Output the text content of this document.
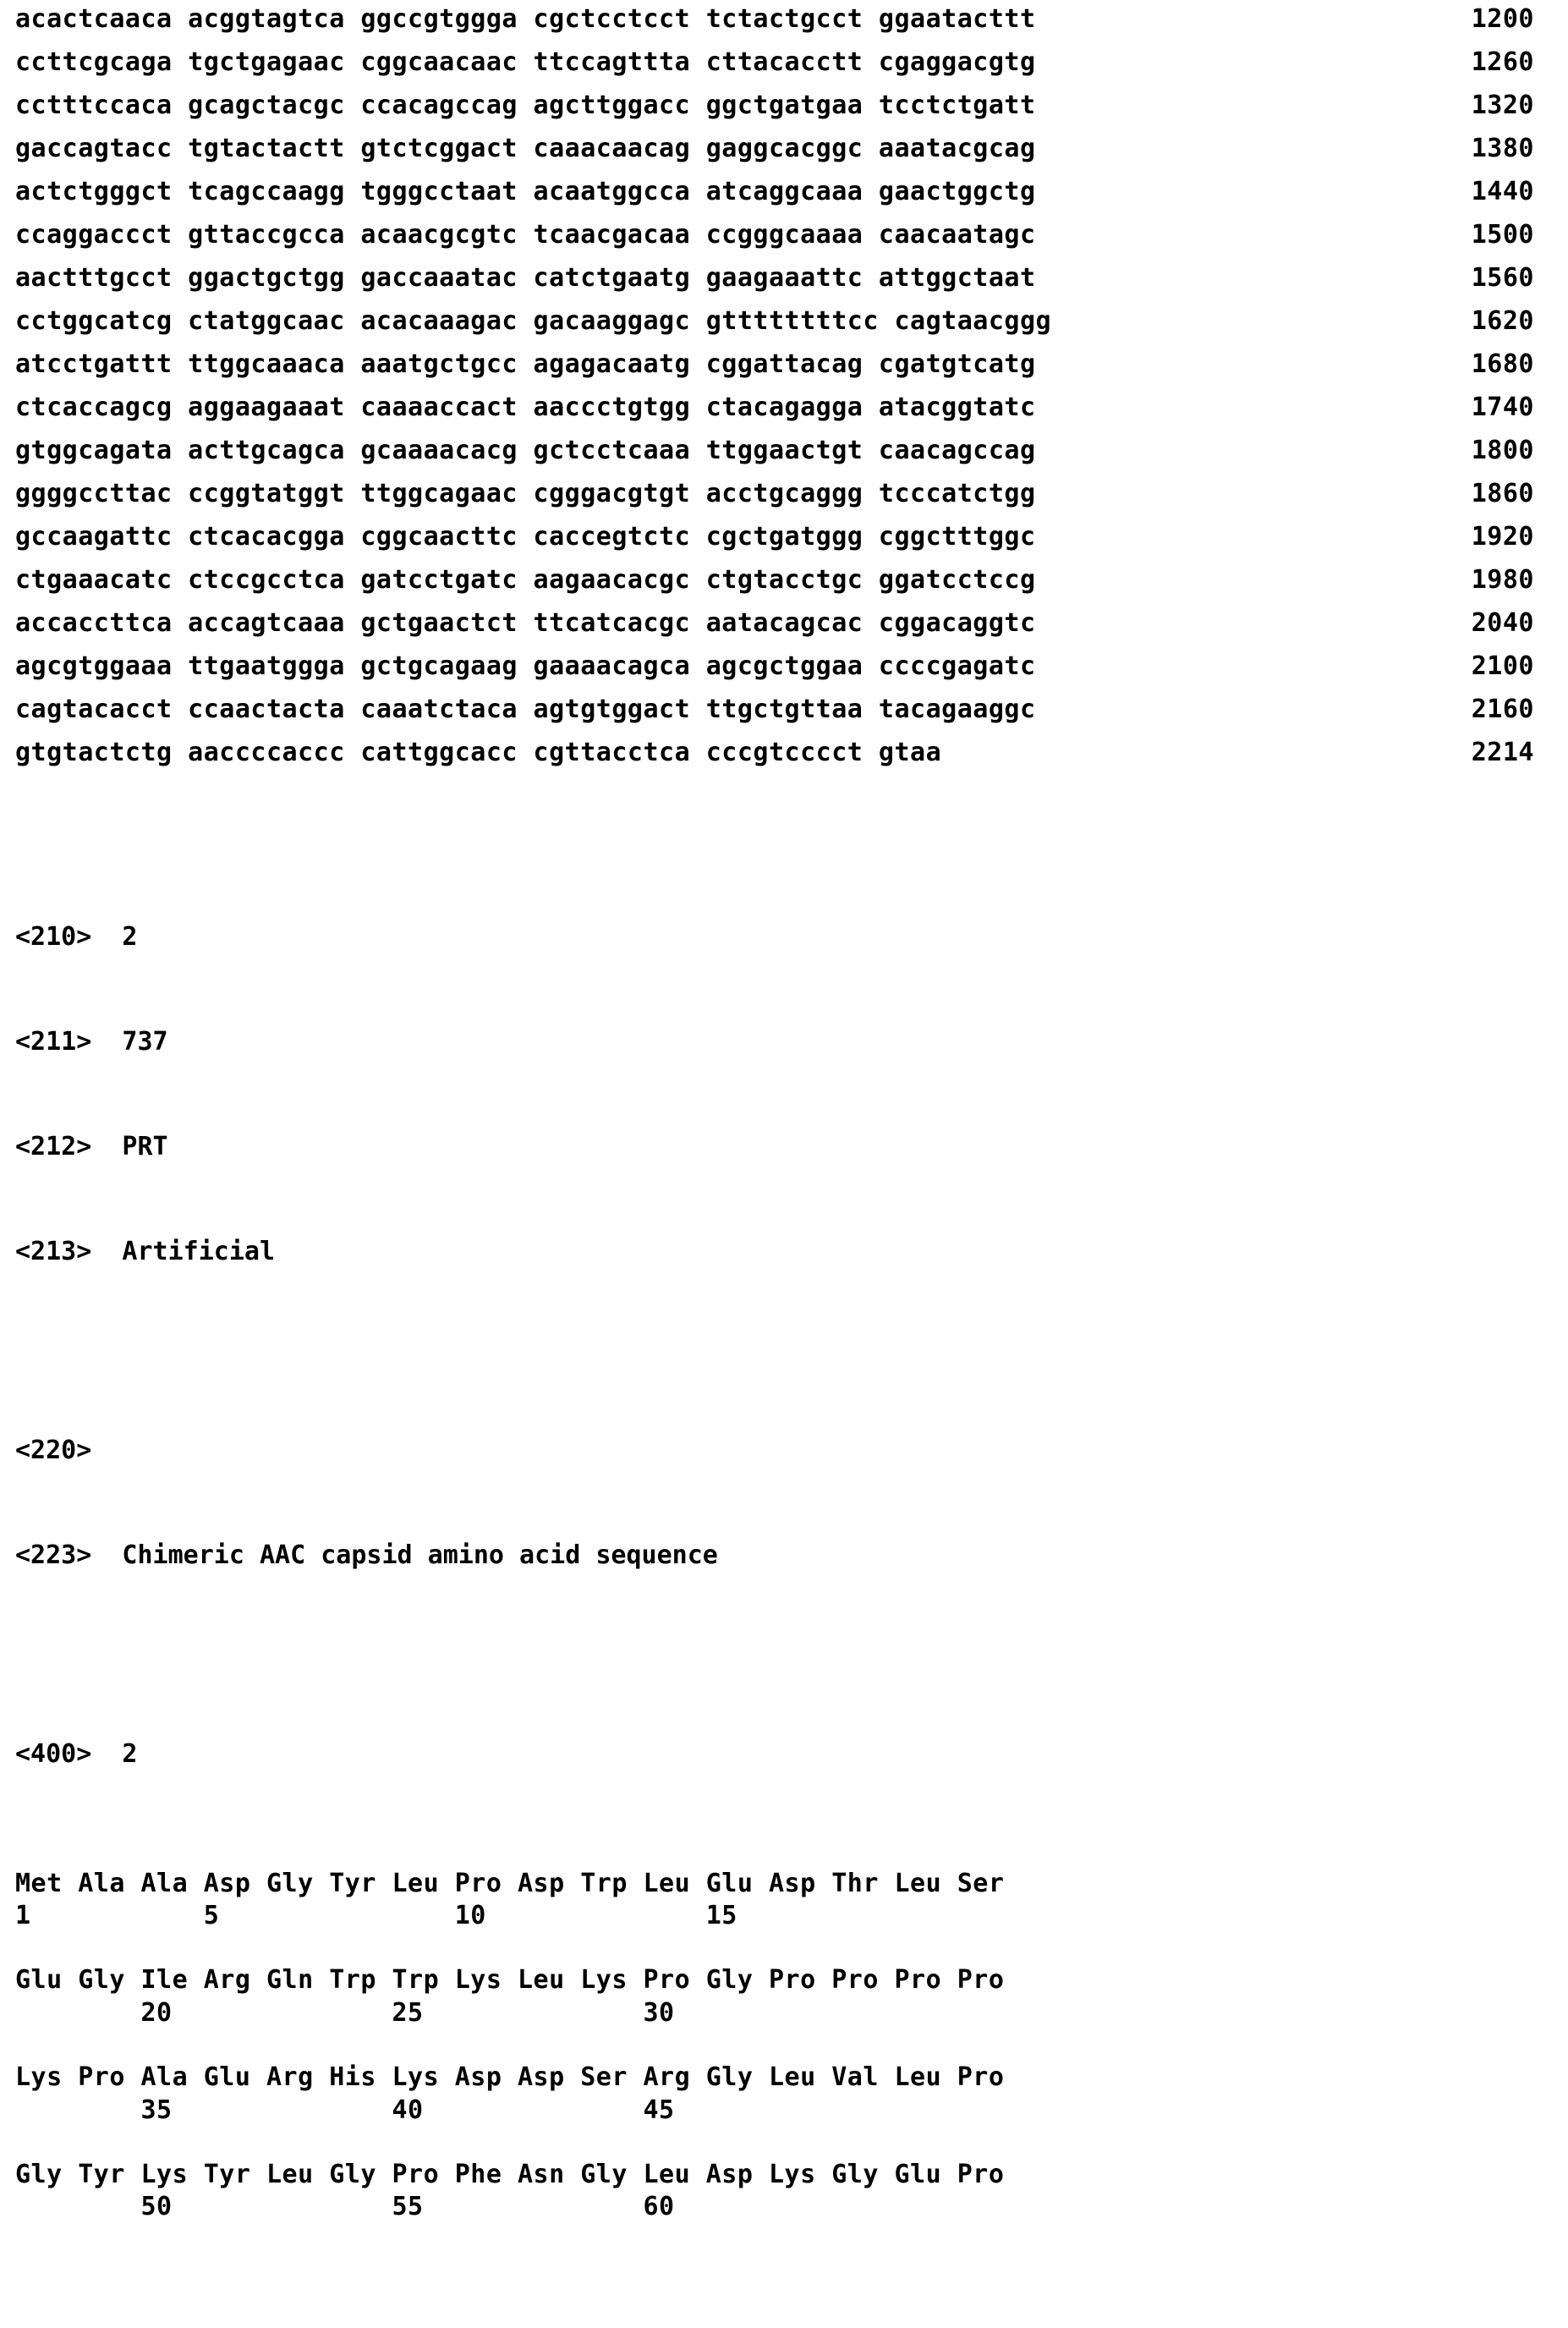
acactcaaca acggtagtca ggccgtggga cgctcctcct tctactgcct ggaatacttt	1200
ccttcgcaga tgctgagaac cggcaacaac ttccagttta cttacacctt cgaggacgtg	1260
cctttccaca gcagctacgc ccacagccag agcttggacc ggctgatgaa tcctctgatt	1320
gaccagtacc tgtactactt gtctcggact caaacaacag gaggcacggc aaatacgcag	1380
actctgggct tcagccaagg tgggcctaat acaatggcca atcaggcaaa gaactggctg	1440
ccaggaccct gttaccgcca acaacgcgtc tcaacgacaa ccgggcaaaa caacaatagc	1500
aactttgcct ggactgctgg gaccaaatac catctgaatg gaagaaattc attggctaat	1560
cctggcatcg ctatggcaac acacaaagac gacaaggagc gttttttttcc cagtaacggg	1620
atcctgattt ttggcaaaca aaatgctgcc agagacaatg cggattacag cgatgtcatg	1680
ctcaccagcg aggaagaaat caaaaccact aaccctgtgg ctacagagga atacggtatc	1740
gtggcagata acttgcagca gcaaaacacg gctcctcaaa ttggaactgt caacagccag	1800
ggggccttac ccggtatggt ttggcagaac cgggacgtgt acctgcaggg tcccatctgg	1860
gccaagattc ctcacacgga cggcaacttc caccegtctc cgctgatggg cggctttggc	1920
ctgaaacatc ctccgcctca gatcctgatc aagaacacgc ctgtacctgc ggatcctccg	1980
accaccttca accagtcaaa gctgaactct ttcatcacgc aatacagcac cggacaggtc	2040
agcgtggaaa ttgaatggga gctgcagaag gaaaacagca agcgctggaa ccccgagatc	2100
cagtacacct ccaactacta caaatctaca agtgtggact ttgctgttaa tacagaaggc	2160
gtgtactctg aaccccaccc cattggcacc cgttacctca cccgtcccct gtaa	2214

<210>  2

<211>  737

<212>  PRT

<213>  Artificial

<220>

<223>  Chimeric AAC capsid amino acid sequence

<400>  2

Met Ala Ala Asp Gly Tyr Leu Pro Asp Trp Leu Glu Asp Thr Leu Ser
1           5               10              15
Glu Gly Ile Arg Gln Trp Trp Lys Leu Lys Pro Gly Pro Pro Pro Pro
20              25              30
Lys Pro Ala Glu Arg His Lys Asp Asp Ser Arg Gly Leu Val Leu Pro
35              40              45
Gly Tyr Lys Tyr Leu Gly Pro Phe Asn Gly Leu Asp Lys Gly Glu Pro
50              55              60
